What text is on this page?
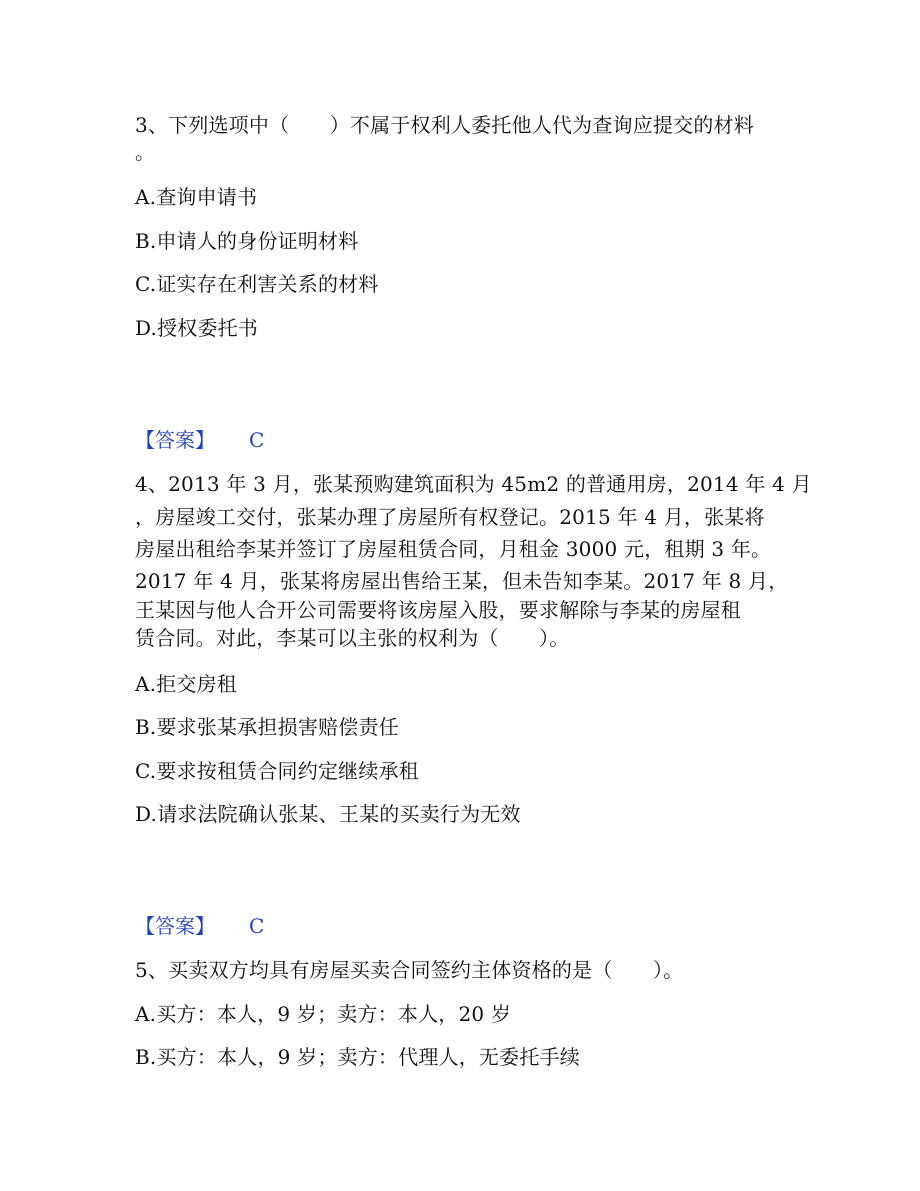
3、下列选项中（　　）不属于权利人委托他人代为查询应提交的材料
。
A.查询申请书
B.申请人的身份证明材料
C.证实存在利害关系的材料
D.授权委托书
【答案】 C
4、2013 年 3 月，张某预购建筑面积为 45m2 的普通用房，2014 年 4 月
，房屋竣工交付，张某办理了房屋所有权登记。2015 年 4 月，张某将
房屋出租给李某并签订了房屋租赁合同，月租金 3000 元，租期 3 年。
2017 年 4 月，张某将房屋出售给王某，但未告知李某。2017 年 8 月，
王某因与他人合开公司需要将该房屋入股，要求解除与李某的房屋租
赁合同。对此，李某可以主张的权利为（　　）。
A.拒交房租
B.要求张某承担损害赔偿责任
C.要求按租赁合同约定继续承租
D.请求法院确认张某、王某的买卖行为无效
【答案】 C
5、买卖双方均具有房屋买卖合同签约主体资格的是（　　）。
A.买方：本人，9 岁；卖方：本人，20 岁
B.买方：本人，9 岁；卖方：代理人，无委托手续
